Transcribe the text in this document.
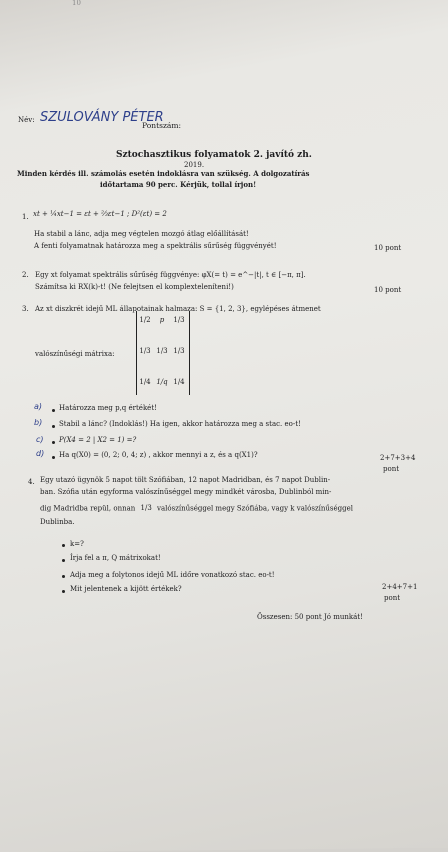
10
Név: SZULOVÁNY PÉTER
Pontszám:
Sztochasztikus folyamatok 2. javító zh.
2019.
Minden kérdés ill. számolás esetén indoklásra van szükség. A dolgozatírás
időtartama 90 perc. Kérjük, tollal írjon!
1. xt + ¼xt−1 = εt + ⅔εt−1 ; D²(εt) = 2
Ha stabil a lánc, adja meg végtelen mozgó átlag előállítását!
A fenti folyamatnak határozza meg a spektrális sűrűség függvényét!	10 pont
2. Egy xt folyamat spektrális sűrűség függvénye: φX(= t) = e^−|t|, t ∈ [−π, π].
Számítsa ki RX(k)-t! (Ne felejtsen el komplexteleníteni!)	10 pont
3. Az xt diszkrét idejű ML állapotainak halmaza: S = {1, 2, 3}, egylépéses átmenet
valószínűségi mátrixa:
1/2	p	1/3
1/3 1/3 1/3
1/4 1/q 1/4
a) Határozza meg p,q értékét!
b) Stabil a lánc? (Indoklás!) Ha igen, akkor határozza meg a stac. eo-t!
c) P(X4 = 2 | X2 = 1) =?
d) Ha q(X0) = (0, 2; 0, 4; z) , akkor mennyi a z, és a q(X1)?	2+7+3+4
pont
4. Egy utazó ügynök 5 napot tölt Szófiában, 12 napot Madridban, és 7 napot Dublin-
ban. Szófia után egyforma valószínűséggel megy mindkét városba, Dublinból min-
dig Madridba repül, onnan 1/3 valószínűséggel megy Szófiába, vagy k valószínűséggel
Dublinba.
k=?
Írja fel a π, Q mátrixokat!
Adja meg a folytonos idejű ML időre vonatkozó stac. eo-t!
Mit jelentenek a kijött értékek?	2+4+7+1
pont
Összesen: 50 pont Jó munkát!
